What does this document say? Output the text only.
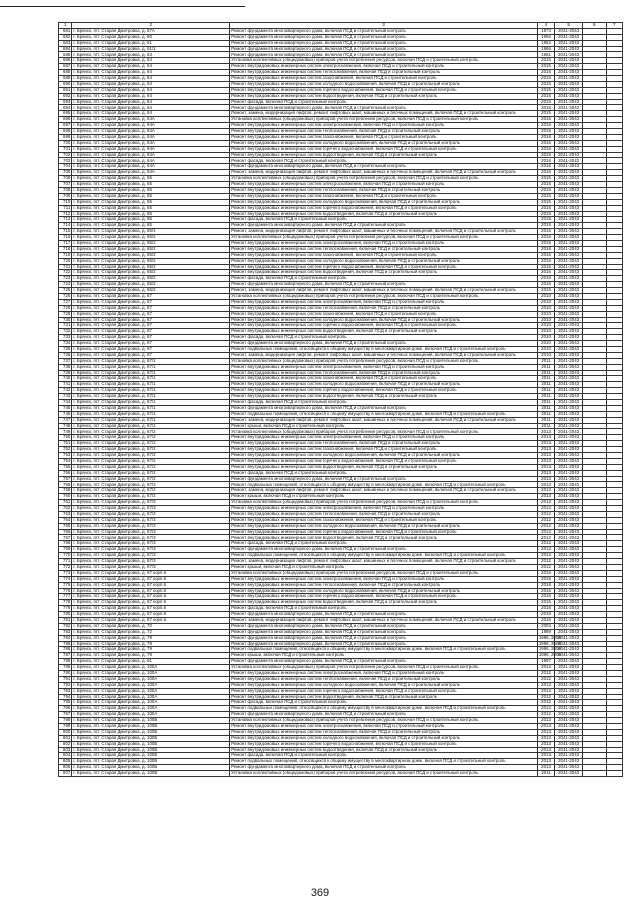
1	2	3	4	5	6	7
681	г. Брянск, пгт. Старая Дмитровка, д. 57А	Ремонт фундамента многоквартирного дома, включая ПСД и строительный контроль	1973	2041-2043		
682	г. Брянск, пгт. Старая Дмитровка, д. 60	Ремонт фундамента многоквартирного дома, включая ПСД и строительный контроль	1966	2041-2043		
683	г. Брянск, пгт. Старая Дмитровка, д. 61	Ремонт фундамента многоквартирного дома, включая ПСД и строительный контроль	1962	2041-2043		
684	г. Брянск, пгт. Старая Дмитровка, д. 61/1	Ремонт фундамента многоквартирного дома, включая ПСД и строительный контроль	1966	2041-2043		
685	г. Брянск, пгт. Старая Дмитровка, д. 63	Ремонт фундамента многоквартирного дома, включая ПСД и строительный контроль	1961	2041-2043		
686	г. Брянск, пгт. Старая Дмитровка, д. 64	Установка коллективных (общедомовых) приборов учета потребления ресурсов, включая ПСД и строительный контроль	2015	2041-2043		
687	г. Брянск, пгт. Старая Дмитровка, д. 64	Ремонт внутридомовых инженерных систем электроснабжения, включая ПСД и строительный контроль	2015	2041-2043		
688	г. Брянск, пгт. Старая Дмитровка, д. 64	Ремонт внутридомовых инженерных систем теплоснабжения, включая ПСД и строительный контроль	2015	2041-2043		
689	г. Брянск, пгт. Старая Дмитровка, д. 64	Ремонт внутридомовых инженерных систем газоснабжения, включая ПСД и строительный контроль	2015	2041-2043		
690	г. Брянск, пгт. Старая Дмитровка, д. 64	Ремонт внутридомовых инженерных систем холодного водоснабжения, включая ПСД и строительный контроль	2015	2041-2043		
691	г. Брянск, пгт. Старая Дмитровка, д. 64	Ремонт внутридомовых инженерных систем горячего водоснабжения, включая ПСД и строительный контроль	2015	2041-2043		
692	г. Брянск, пгт. Старая Дмитровка, д. 64	Ремонт внутридомовых инженерных систем водоотведения, включая ПСД и строительный контроль	2015	2041-2043		
693	г. Брянск, пгт. Старая Дмитровка, д. 64	Ремонт фасада, включая ПСД и строительный контроль	2015	2041-2043		
694	г. Брянск, пгт. Старая Дмитровка, д. 64	Ремонт фундамента многоквартирного дома, включая ПСД и строительный контроль	2015	2041-2043		
695	г. Брянск, пгт. Старая Дмитровка, д. 64	Ремонт, замена, модернизация лифтов, ремонт лифтовых шахт, машинных и блочных помещений, включая ПСД и строительный контроль	2015	2041-2043		
696	г. Брянск, пгт. Старая Дмитровка, д. 64А	Установка коллективных (общедомовых) приборов учета потребления ресурсов, включая ПСД и строительный контроль	2016	2041-2043		
697	г. Брянск, пгт. Старая Дмитровка, д. 64А	Ремонт внутридомовых инженерных систем электроснабжения, включая ПСД и строительный контроль	2016	2041-2043		
698	г. Брянск, пгт. Старая Дмитровка, д. 64А	Ремонт внутридомовых инженерных систем теплоснабжения, включая ПСД и строительный контроль	2016	2041-2043		
699	г. Брянск, пгт. Старая Дмитровка, д. 64А	Ремонт внутридомовых инженерных систем газоснабжения, включая ПСД и строительный контроль	2016	2041-2043		
700	г. Брянск, пгт. Старая Дмитровка, д. 64А	Ремонт внутридомовых инженерных систем холодного водоснабжения, включая ПСД и строительный контроль	2016	2041-2043		
701	г. Брянск, пгт. Старая Дмитровка, д. 64А	Ремонт внутридомовых инженерных систем горячего водоснабжения, включая ПСД и строительный контроль	2016	2041-2043		
702	г. Брянск, пгт. Старая Дмитровка, д. 64А	Ремонт внутридомовых инженерных систем водоотведения, включая ПСД и строительный контроль	2016	2041-2043		
703	г. Брянск, пгт. Старая Дмитровка, д. 64А	Ремонт фасада, включая ПСД и строительный контроль	2016	2041-2043		
704	г. Брянск, пгт. Старая Дмитровка, д. 64А	Ремонт фундамента многоквартирного дома, включая ПСД и строительный контроль	2016	2041-2043		
705	г. Брянск, пгт. Старая Дмитровка, д. 64А	Ремонт, замена, модернизация лифтов, ремонт лифтовых шахт, машинных и блочных помещений, включая ПСД и строительный контроль	2016	2041-2043		
706	г. Брянск, пгт. Старая Дмитровка, д. 65	Установка коллективных (общедомовых) приборов учета потребления ресурсов, включая ПСД и строительный контроль	2015	2041-2043		
707	г. Брянск, пгт. Старая Дмитровка, д. 65	Ремонт внутридомовых инженерных систем электроснабжения, включая ПСД и строительный контроль	2015	2041-2043		
708	г. Брянск, пгт. Старая Дмитровка, д. 65	Ремонт внутридомовых инженерных систем теплоснабжения, включая ПСД и строительный контроль	2015	2041-2043		
709	г. Брянск, пгт. Старая Дмитровка, д. 65	Ремонт внутридомовых инженерных систем газоснабжения, включая ПСД и строительный контроль	2015	2041-2043		
710	г. Брянск, пгт. Старая Дмитровка, д. 65	Ремонт внутридомовых инженерных систем холодного водоснабжения, включая ПСД и строительный контроль	2015	2041-2043		
711	г. Брянск, пгт. Старая Дмитровка, д. 65	Ремонт внутридомовых инженерных систем горячего водоснабжения, включая ПСД и строительный контроль	2015	2041-2043		
712	г. Брянск, пгт. Старая Дмитровка, д. 65	Ремонт внутридомовых инженерных систем водоотведения, включая ПСД и строительный контроль	2015	2041-2043		
713	г. Брянск, пгт. Старая Дмитровка, д. 65	Ремонт фасада, включая ПСД и строительный контроль	2015	2041-2043		
714	г. Брянск, пгт. Старая Дмитровка, д. 65	Ремонт фундамента многоквартирного дома, включая ПСД и строительный контроль	2015	2041-2043		
715	г. Брянск, пгт. Старая Дмитровка, д. 65/1	Ремонт, замена, модернизация лифтов, ремонт лифтовых шахт, машинных и блочных помещений, включая ПСД и строительный контроль	2016	2041-2043		
716	г. Брянск, пгт. Старая Дмитровка, д. 65/2	Установка коллективных (общедомовых) приборов учета потребления ресурсов, включая ПСД и строительный контроль	2016	2041-2043		
717	г. Брянск, пгт. Старая Дмитровка, д. 65/2	Ремонт внутридомовых инженерных систем электроснабжения, включая ПСД и строительный контроль	2016	2041-2043		
718	г. Брянск, пгт. Старая Дмитровка, д. 65/2	Ремонт внутридомовых инженерных систем теплоснабжения, включая ПСД и строительный контроль	2016	2041-2043		
719	г. Брянск, пгт. Старая Дмитровка, д. 65/2	Ремонт внутридомовых инженерных систем газоснабжения, включая ПСД и строительный контроль	2016	2041-2043		
720	г. Брянск, пгт. Старая Дмитровка, д. 65/2	Ремонт внутридомовых инженерных систем холодного водоснабжения, включая ПСД и строительный контроль	2016	2041-2043		
721	г. Брянск, пгт. Старая Дмитровка, д. 65/2	Ремонт внутридомовых инженерных систем горячего водоснабжения, включая ПСД и строительный контроль	2016	2041-2043		
722	г. Брянск, пгт. Старая Дмитровка, д. 65/2	Ремонт внутридомовых инженерных систем водоотведения, включая ПСД и строительный контроль	2016	2041-2043		
723	г. Брянск, пгт. Старая Дмитровка, д. 65/2	Ремонт фасада, включая ПСД и строительный контроль	2016	2041-2043		
724	г. Брянск, пгт. Старая Дмитровка, д. 65/2	Ремонт фундамента многоквартирного дома, включая ПСД и строительный контроль	2016	2041-2043		
725	г. Брянск, пгт. Старая Дмитровка, д. 65/2	Ремонт, замена, модернизация лифтов, ремонт лифтовых шахт, машинных и блочных помещений, включая ПСД и строительный контроль	2016	2041-2043		
726	г. Брянск, пгт. Старая Дмитровка, д. 67	Установка коллективных (общедомовых) приборов учета потребления ресурсов, включая ПСД и строительный контроль	2010	2041-2043		
727	г. Брянск, пгт. Старая Дмитровка, д. 67	Ремонт внутридомовых инженерных систем электроснабжения, включая ПСД и строительный контроль	2010	2041-2043		
728	г. Брянск, пгт. Старая Дмитровка, д. 67	Ремонт внутридомовых инженерных систем теплоснабжения, включая ПСД и строительный контроль	2010	2041-2043		
729	г. Брянск, пгт. Старая Дмитровка, д. 67	Ремонт внутридомовых инженерных систем газоснабжения, включая ПСД и строительный контроль	2010	2041-2043		
730	г. Брянск, пгт. Старая Дмитровка, д. 67	Ремонт внутридомовых инженерных систем холодного водоснабжения, включая ПСД и строительный контроль	2010	2041-2043		
731	г. Брянск, пгт. Старая Дмитровка, д. 67	Ремонт внутридомовых инженерных систем горячего водоснабжения, включая ПСД и строительный контроль	2010	2041-2043		
732	г. Брянск, пгт. Старая Дмитровка, д. 67	Ремонт внутридомовых инженерных систем водоотведения, включая ПСД и строительный контроль	2010	2041-2043		
733	г. Брянск, пгт. Старая Дмитровка, д. 67	Ремонт фасада, включая ПСД и строительный контроль	2010	2041-2043		
734	г. Брянск, пгт. Старая Дмитровка, д. 67	Ремонт фундамента многоквартирного дома, включая ПСД и строительный контроль	2010	2041-2043		
735	г. Брянск, пгт. Старая Дмитровка, д. 67	Ремонт подвальных помещений, относящихся к общему имуществу в многоквартирном доме, включая ПСД и строительный контроль	2010	2041-2043		
736	г. Брянск, пгт. Старая Дмитровка, д. 67	Ремонт, замена, модернизация лифтов, ремонт лифтовых шахт, машинных и блочных помещений, включая ПСД и строительный контроль	2010	2041-2043		
737	г. Брянск, пгт. Старая Дмитровка, д. 67/1	Установка коллективных (общедомовых) приборов учета потребления ресурсов, включая ПСД и строительный контроль	2011	2041-2043		
738	г. Брянск, пгт. Старая Дмитровка, д. 67/1	Ремонт внутридомовых инженерных систем электроснабжения, включая ПСД и строительный контроль	2011	2041-2043		
739	г. Брянск, пгт. Старая Дмитровка, д. 67/1	Ремонт внутридомовых инженерных систем теплоснабжения, включая ПСД и строительный контроль	2011	2041-2043		
740	г. Брянск, пгт. Старая Дмитровка, д. 67/1	Ремонт внутридомовых инженерных систем газоснабжения, включая ПСД и строительный контроль	2011	2041-2043		
741	г. Брянск, пгт. Старая Дмитровка, д. 67/1	Ремонт внутридомовых инженерных систем холодного водоснабжения, включая ПСД и строительный контроль	2011	2041-2043		
742	г. Брянск, пгт. Старая Дмитровка, д. 67/1	Ремонт внутридомовых инженерных систем горячего водоснабжения, включая ПСД и строительный контроль	2011	2041-2043		
743	г. Брянск, пгт. Старая Дмитровка, д. 67/1	Ремонт внутридомовых инженерных систем водоотведения, включая ПСД и строительный контроль	2011	2041-2043		
744	г. Брянск, пгт. Старая Дмитровка, д. 67/1	Ремонт фасада, включая ПСД и строительный контроль	2011	2041-2043		
745	г. Брянск, пгт. Старая Дмитровка, д. 67/1	Ремонт фундамента многоквартирного дома, включая ПСД и строительный контроль	2011	2041-2043		
746	г. Брянск, пгт. Старая Дмитровка, д. 67/1	Ремонт подвальных помещений, относящихся к общему имуществу в многоквартирном доме, включая ПСД и строительный контроль	2011	2041-2043		
747	г. Брянск, пгт. Старая Дмитровка, д. 67/1	Ремонт, замена, модернизация лифтов, ремонт лифтовых шахт, машинных и блочных помещений, включая ПСД и строительный контроль	2011	2041-2043		
748	г. Брянск, пгт. Старая Дмитровка, д. 67/1	Ремонт крыши, включая ПСД и строительный контроль	2011	2041-2043		
749	г. Брянск, пгт. Старая Дмитровка, д. 67/2	Установка коллективных (общедомовых) приборов учета потребления ресурсов, включая ПСД и строительный контроль	2013	2041-2043		
750	г. Брянск, пгт. Старая Дмитровка, д. 67/2	Ремонт внутридомовых инженерных систем электроснабжения, включая ПСД и строительный контроль	2013	2041-2043		
751	г. Брянск, пгт. Старая Дмитровка, д. 67/2	Ремонт внутридомовых инженерных систем теплоснабжения, включая ПСД и строительный контроль	2013	2041-2043		
752	г. Брянск, пгт. Старая Дмитровка, д. 67/2	Ремонт внутридомовых инженерных систем газоснабжения, включая ПСД и строительный контроль	2013	2041-2043		
753	г. Брянск, пгт. Старая Дмитровка, д. 67/2	Ремонт внутридомовых инженерных систем холодного водоснабжения, включая ПСД и строительный контроль	2013	2041-2043		
754	г. Брянск, пгт. Старая Дмитровка, д. 67/2	Ремонт внутридомовых инженерных систем горячего водоснабжения, включая ПСД и строительный контроль	2013	2041-2043		
755	г. Брянск, пгт. Старая Дмитровка, д. 67/2	Ремонт внутридомовых инженерных систем водоотведения, включая ПСД и строительный контроль	2013	2041-2043		
756	г. Брянск, пгт. Старая Дмитровка, д. 67/2	Ремонт фасада, включая ПСД и строительный контроль	2013	2041-2043		
757	г. Брянск, пгт. Старая Дмитровка, д. 67/2	Ремонт фундамента многоквартирного дома, включая ПСД и строительный контроль	2013	2041-2043		
758	г. Брянск, пгт. Старая Дмитровка, д. 67/2	Ремонт подвальных помещений, относящихся к общему имуществу в многоквартирном доме, включая ПСД и строительный контроль	2013	2041-2043		
759	г. Брянск, пгт. Старая Дмитровка, д. 67/2	Ремонт, замена, модернизация лифтов, ремонт лифтовых шахт, машинных и блочных помещений, включая ПСД и строительный контроль	2013	2041-2043		
760	г. Брянск, пгт. Старая Дмитровка, д. 67/2	Ремонт крыши, включая ПСД и строительный контроль	2013	2041-2043		
761	г. Брянск, пгт. Старая Дмитровка, д. 67/3	Установка коллективных (общедомовых) приборов учета потребления ресурсов, включая ПСД и строительный контроль	2012	2041-2043		
762	г. Брянск, пгт. Старая Дмитровка, д. 67/3	Ремонт внутридомовых инженерных систем электроснабжения, включая ПСД и строительный контроль	2012	2041-2043		
763	г. Брянск, пгт. Старая Дмитровка, д. 67/3	Ремонт внутридомовых инженерных систем теплоснабжения, включая ПСД и строительный контроль	2012	2041-2043		
764	г. Брянск, пгт. Старая Дмитровка, д. 67/3	Ремонт внутридомовых инженерных систем газоснабжения, включая ПСД и строительный контроль	2012	2041-2043		
765	г. Брянск, пгт. Старая Дмитровка, д. 67/3	Ремонт внутридомовых инженерных систем холодного водоснабжения, включая ПСД и строительный контроль	2012	2041-2043		
766	г. Брянск, пгт. Старая Дмитровка, д. 67/3	Ремонт внутридомовых инженерных систем горячего водоснабжения, включая ПСД и строительный контроль	2012	2041-2043		
767	г. Брянск, пгт. Старая Дмитровка, д. 67/3	Ремонт внутридомовых инженерных систем водоотведения, включая ПСД и строительный контроль	2012	2041-2043		
768	г. Брянск, пгт. Старая Дмитровка, д. 67/3	Ремонт фасада, включая ПСД и строительный контроль	2012	2041-2043		
769	г. Брянск, пгт. Старая Дмитровка, д. 67/3	Ремонт фундамента многоквартирного дома, включая ПСД и строительный контроль	2012	2041-2043		
770	г. Брянск, пгт. Старая Дмитровка, д. 67/3	Ремонт подвальных помещений, относящихся к общему имуществу в многоквартирном доме, включая ПСД и строительный контроль	2012	2041-2043		
771	г. Брянск, пгт. Старая Дмитровка, д. 67/3	Ремонт, замена, модернизация лифтов, ремонт лифтовых шахт, машинных и блочных помещений, включая ПСД и строительный контроль	2012	2041-2043		
772	г. Брянск, пгт. Старая Дмитровка, д. 67/3	Ремонт крыши, включая ПСД и строительный контроль	2012	2041-2043		
773	г. Брянск, пгт. Старая Дмитровка, д. 67 корп.6	Установка коллективных (общедомовых) приборов учета потребления ресурсов, включая ПСД и строительный контроль	2016	2041-2043		
774	г. Брянск, пгт. Старая Дмитровка, д. 67 корп.6	Ремонт внутридомовых инженерных систем электроснабжения, включая ПСД и строительный контроль	2016	2041-2043		
775	г. Брянск, пгт. Старая Дмитровка, д. 67 корп.6	Ремонт внутридомовых инженерных систем теплоснабжения, включая ПСД и строительный контроль	2016	2041-2043		
776	г. Брянск, пгт. Старая Дмитровка, д. 67 корп.6	Ремонт внутридомовых инженерных систем холодного водоснабжения, включая ПСД и строительный контроль	2016	2041-2043		
777	г. Брянск, пгт. Старая Дмитровка, д. 67 корп.6	Ремонт внутридомовых инженерных систем горячего водоснабжения, включая ПСД и строительный контроль	2016	2041-2043		
778	г. Брянск, пгт. Старая Дмитровка, д. 67 корп.6	Ремонт внутридомовых инженерных систем водоотведения, включая ПСД и строительный контроль	2016	2041-2043		
779	г. Брянск, пгт. Старая Дмитровка, д. 67 корп.6	Ремонт фасада, включая ПСД и строительный контроль	2016	2041-2043		
780	г. Брянск, пгт. Старая Дмитровка, д. 67 корп.6	Ремонт фундамента многоквартирного дома, включая ПСД и строительный контроль	2016	2041-2043		
781	г. Брянск, пгт. Старая Дмитровка, д. 67 корп.6	Ремонт, замена, модернизация лифтов, ремонт лифтовых шахт, машинных и блочных помещений, включая ПСД и строительный контроль	2016	2041-2043		
782	г. Брянск, пгт. Старая Дмитровка, д. 70	Ремонт фундамента многоквартирного дома, включая ПСД и строительный контроль	2003	2041-2043		
783	г. Брянск, пгт. Старая Дмитровка, д. 72	Ремонт фундамента многоквартирного дома, включая ПСД и строительный контроль	1989	2041-2043		
784	г. Брянск, пгт. Старая Дмитровка, д. 79	Ремонт фундамента многоквартирного дома, включая ПСД и строительный контроль	1996, 2006	2041-2043		
785	г. Брянск, пгт. Старая Дмитровка, д. 79	Ремонт фундамента многоквартирного дома, включая ПСД и строительный контроль	1996, 2006	2041-2043		
786	г. Брянск, пгт. Старая Дмитровка, д. 79	Ремонт подвальных помещений, относящихся к общему имуществу в многоквартирном доме, включая ПСД и строительный контроль	1996, 2006	2041-2043		
787	г. Брянск, пгт. Старая Дмитровка, д. 79	Ремонт крыши, включая ПСД и строительный контроль	1996, 2006	2041-2043		
788	г. Брянск, пгт. Старая Дмитровка, д. 81	Ремонт фундамента многоквартирного дома, включая ПСД и строительный контроль	1997	2041-2043		
789	г. Брянск, пгт. Старая Дмитровка, д. 100А	Установка коллективных (общедомовых) приборов учета потребления ресурсов, включая ПСД и строительный контроль	2012	2041-2043		
790	г. Брянск, пгт. Старая Дмитровка, д. 100А	Ремонт внутридомовых инженерных систем электроснабжения, включая ПСД и строительный контроль	2012	2041-2043		
791	г. Брянск, пгт. Старая Дмитровка, д. 100А	Ремонт внутридомовых инженерных систем теплоснабжения, включая ПСД и строительный контроль	2012	2041-2043		
792	г. Брянск, пгт. Старая Дмитровка, д. 100А	Ремонт внутридомовых инженерных систем холодного водоснабжения, включая ПСД и строительный контроль	2012	2041-2043		
793	г. Брянск, пгт. Старая Дмитровка, д. 100А	Ремонт внутридомовых инженерных систем горячего водоснабжения, включая ПСД и строительный контроль	2012	2041-2043		
794	г. Брянск, пгт. Старая Дмитровка, д. 100А	Ремонт внутридомовых инженерных систем водоотведения, включая ПСД и строительный контроль	2012	2041-2043		
795	г. Брянск, пгт. Старая Дмитровка, д. 100А	Ремонт фасада, включая ПСД и строительный контроль	2012	2041-2043		
796	г. Брянск, пгт. Старая Дмитровка, д. 100А	Ремонт подвальных помещений, относящихся к общему имуществу в многоквартирном доме, включая ПСД и строительный контроль	2012	2041-2043		
797	г. Брянск, пгт. Старая Дмитровка, д. 100А	Ремонт фундамента многоквартирного дома, включая ПСД и строительный контроль	2012	2041-2043		
798	г. Брянск, пгт. Старая Дмитровка, д. 100Б	Установка коллективных (общедомовых) приборов учета потребления ресурсов, включая ПСД и строительный контроль	2013	2041-2043		
799	г. Брянск, пгт. Старая Дмитровка, д. 100Б	Ремонт внутридомовых инженерных систем электроснабжения, включая ПСД и строительный контроль	2013	2041-2043		
800	г. Брянск, пгт. Старая Дмитровка, д. 100Б	Ремонт внутридомовых инженерных систем теплоснабжения, включая ПСД и строительный контроль	2013	2041-2043		
801	г. Брянск, пгт. Старая Дмитровка, д. 100Б	Ремонт внутридомовых инженерных систем холодного водоснабжения, включая ПСД и строительный контроль	2013	2041-2043		
802	г. Брянск, пгт. Старая Дмитровка, д. 100Б	Ремонт внутридомовых инженерных систем горячего водоснабжения, включая ПСД и строительный контроль	2013	2041-2043		
803	г. Брянск, пгт. Старая Дмитровка, д. 100Б	Ремонт внутридомовых инженерных систем водоотведения, включая ПСД и строительный контроль	2013	2041-2043		
804	г. Брянск, пгт. Старая Дмитровка, д. 100Б	Ремонт фасада, включая ПСД и строительный контроль	2013	2041-2043		
805	г. Брянск, пгт. Старая Дмитровка, д. 100Б	Ремонт подвальных помещений, относящихся к общему имуществу в многоквартирном доме, включая ПСД и строительный контроль	2013	2041-2043		
806	г. Брянск, пгт. Старая Дмитровка, д. 100Б	Ремонт фундамента многоквартирного дома, включая ПСД и строительный контроль	2013	2041-2043		
807	г. Брянск, пгт. Старая Дмитровка, д. 100В	Установка коллективных (общедомовых) приборов учета потребления ресурсов, включая ПСД и строительный контроль	2011	2041-2043		
369
